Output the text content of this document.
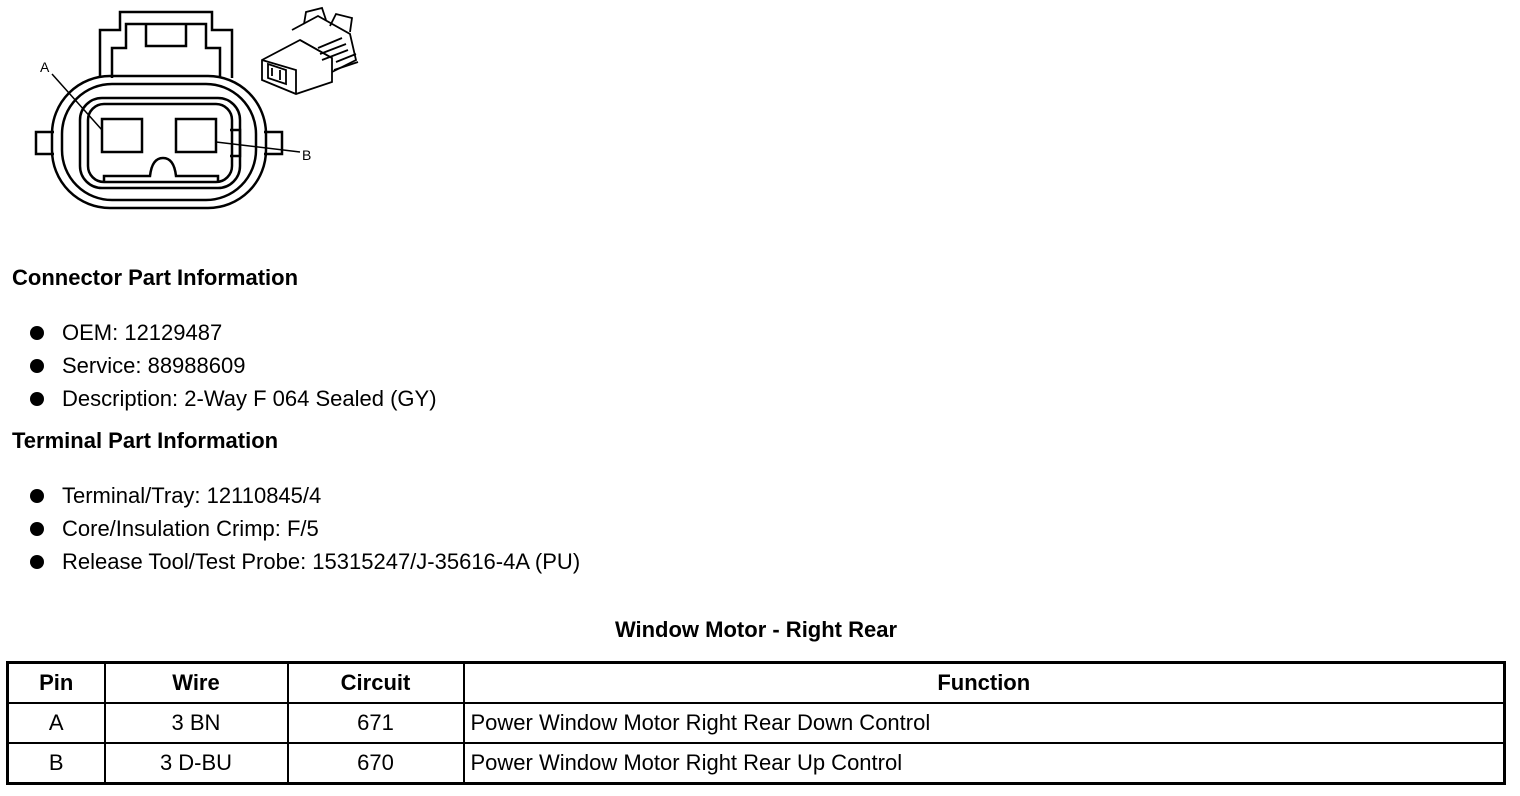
A
B
Connector Part Information
OEM: 12129487
Service: 88988609
Description: 2-Way F 064 Sealed (GY)
Terminal Part Information
Terminal/Tray: 12110845/4
Core/Insulation Crimp: F/5
Release Tool/Test Probe: 15315247/J-35616-4A (PU)
Window Motor - Right Rear
Pin	Wire	Circuit	Function
A	3 BN	671	Power Window Motor Right Rear Down Control
B	3 D-BU	670	Power Window Motor Right Rear Up Control
